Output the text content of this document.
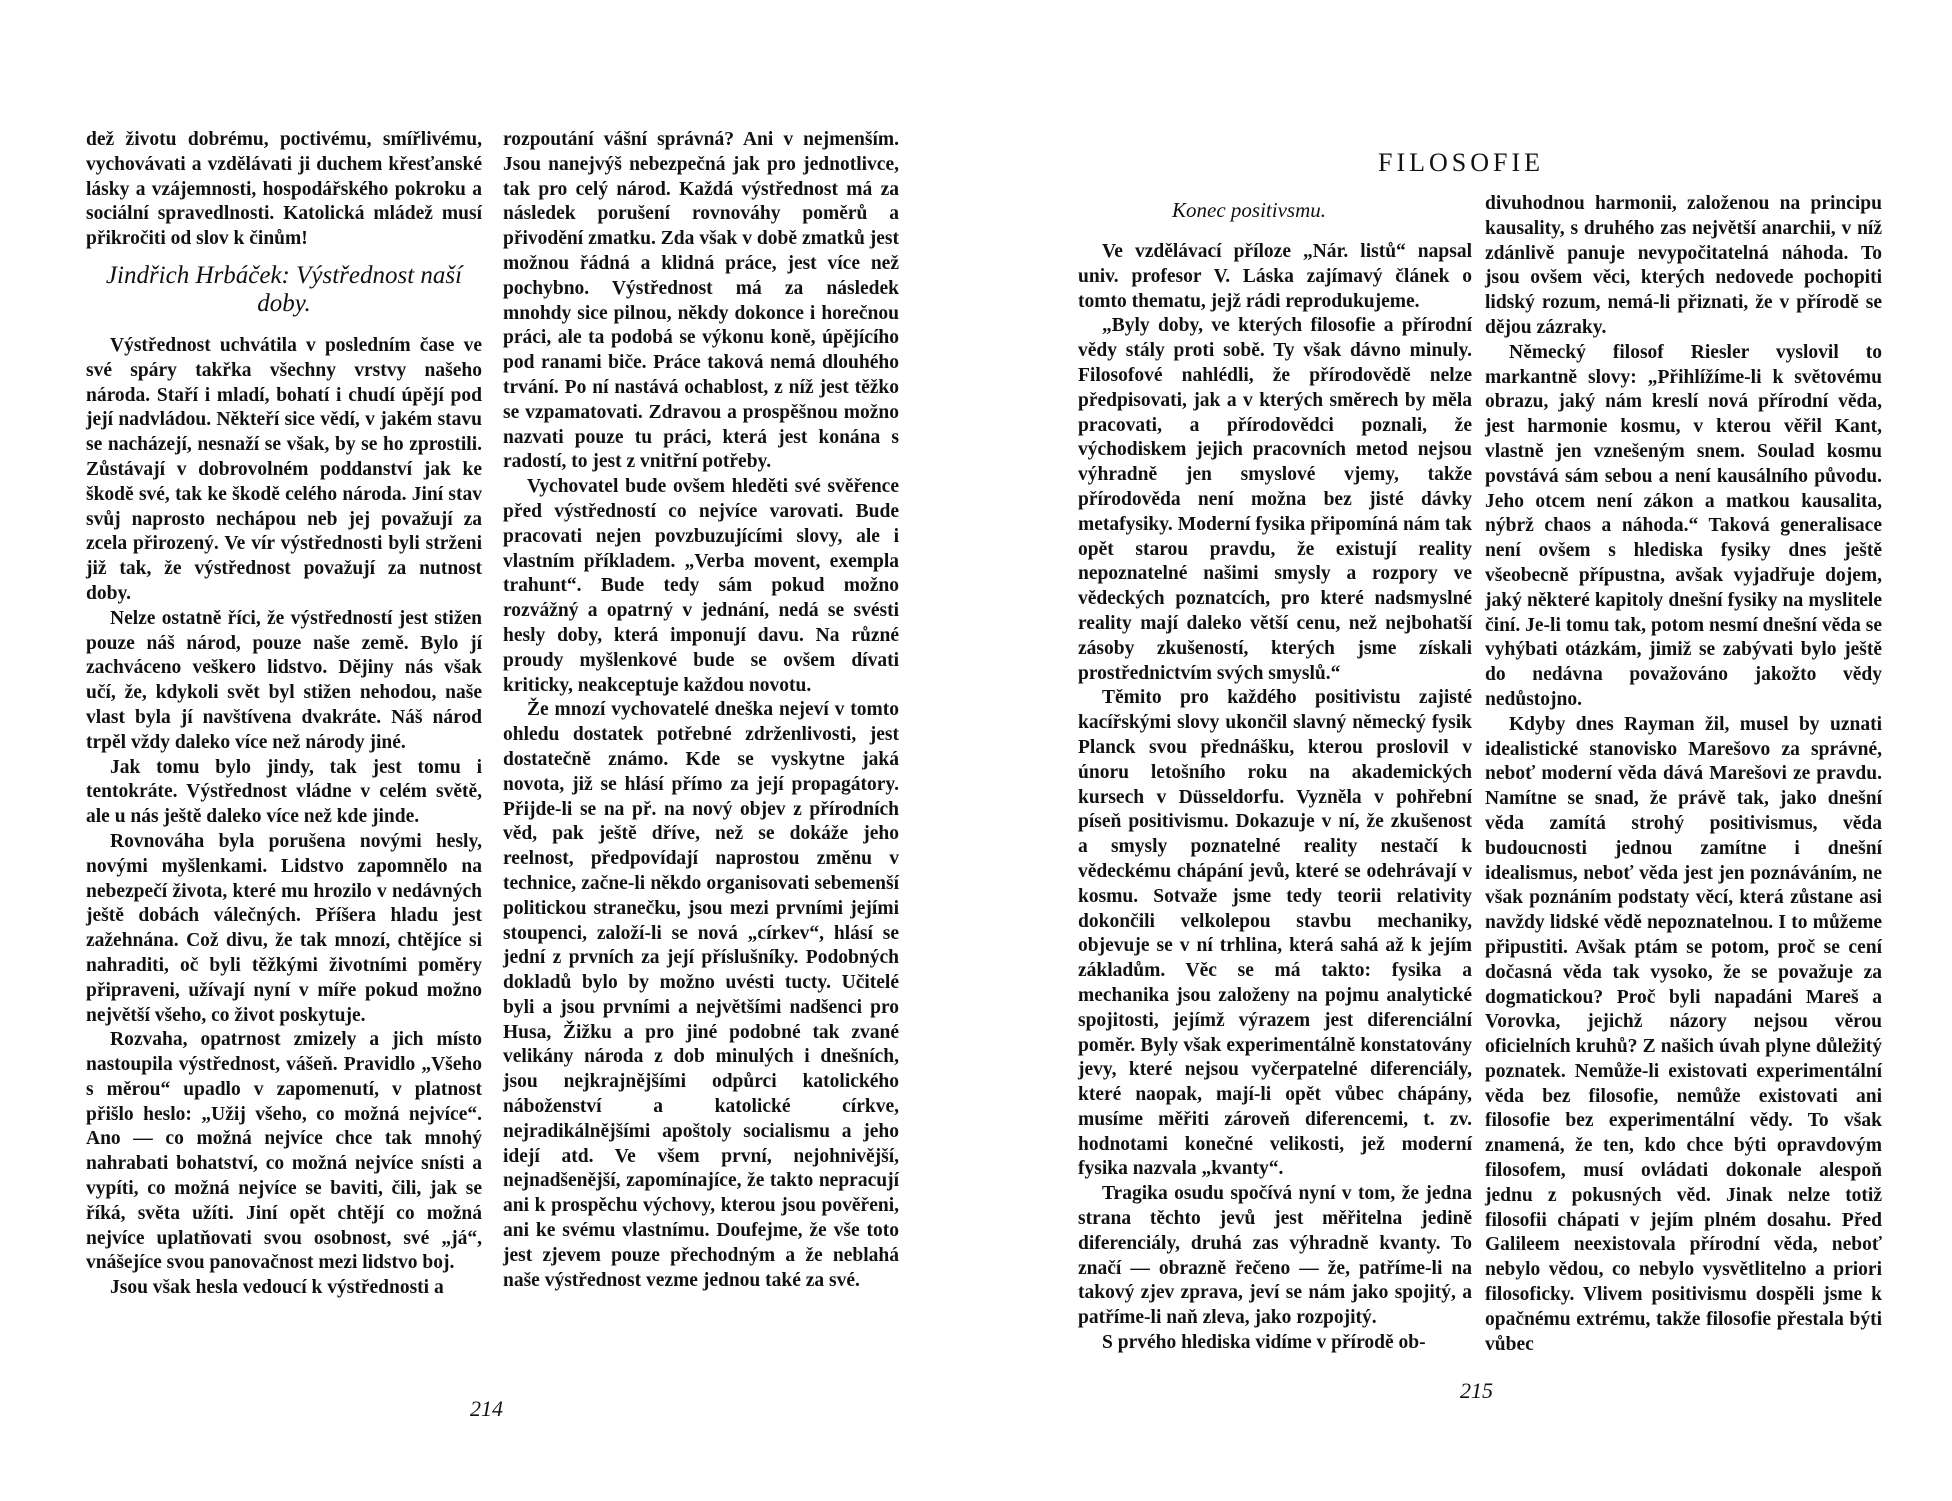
dež životu dobrému, poctivému, smířlivému, vychovávati a vzdělávati ji duchem křesťanské lásky a vzájemnosti, hospodářského pokroku a sociální spravedlnosti. Katolická mládež musí přikročiti od slov k činům!

Jindřich Hrbáček: Výstřednost naší doby.

Výstřednost uchvátila v posledním čase ve své spáry takřka všechny vrstvy našeho národa. Staří i mladí, bohatí i chudí úpějí pod její nadvládou. Někteří sice vědí, v jakém stavu se nacházejí, nesnaží se však, by se ho zprostili. Zůstávají v dobrovolném poddanství jak ke škodě své, tak ke škodě celého národa. Jiní stav svůj naprosto nechápou neb jej považují za zcela přirozený. Ve vír výstřednosti byli strženi již tak, že výstřednost považují za nutnost doby.

Nelze ostatně říci, že výstředností jest stižen pouze náš národ, pouze naše země. Bylo jí zachváceno veškero lidstvo. Dějiny nás však učí, že, kdykoli svět byl stižen nehodou, naše vlast byla jí navštívena dvakráte. Náš národ trpěl vždy daleko více než národy jiné.

Jak tomu bylo jindy, tak jest tomu i tentokráte. Výstřednost vládne v celém světě, ale u nás ještě daleko více než kde jinde.

Rovnováha byla porušena novými hesly, novými myšlenkami. Lidstvo zapomnělo na nebezpečí života, které mu hrozilo v nedávných ještě dobách válečných. Příšera hladu jest zažehnána. Což divu, že tak mnozí, chtějíce si nahraditi, oč byli těžkými životními poměry připraveni, užívají nyní v míře pokud možno největší všeho, co život poskytuje.

Rozvaha, opatrnost zmizely a jich místo nastoupila výstřednost, vášeň. Pravidlo „Všeho s měrou“ upadlo v zapomenutí, v platnost přišlo heslo: „Užij všeho, co možná nejvíce“. Ano — co možná nejvíce chce tak mnohý nahrabati bohatství, co možná nejvíce snísti a vypíti, co možná nejvíce se baviti, čili, jak se říká, světa užíti. Jiní opět chtějí co možná nejvíce uplatňovati svou osobnost, své „já“, vnášejíce svou panovačnost mezi lidstvo boj.

Jsou však hesla vedoucí k výstřednosti a

rozpoutání vášní správná? Ani v nejmenším. Jsou nanejvýš nebezpečná jak pro jednotlivce, tak pro celý národ. Každá výstřednost má za následek porušení rovnováhy poměrů a přivodění zmatku. Zda však v době zmatků jest možnou řádná a klidná práce, jest více než pochybno. Výstřednost má za následek mnohdy sice pilnou, někdy dokonce i horečnou práci, ale ta podobá se výkonu koně, úpějícího pod ranami biče. Práce taková nemá dlouhého trvání. Po ní nastává ochablost, z níž jest těžko se vzpamatovati. Zdravou a prospěšnou možno nazvati pouze tu práci, která jest konána s radostí, to jest z vnitřní potřeby.

Vychovatel bude ovšem hleděti své svěřence před výstředností co nejvíce varovati. Bude pracovati nejen povzbuzujícími slovy, ale i vlastním příkladem. „Verba movent, exempla trahunt“. Bude tedy sám pokud možno rozvážný a opatrný v jednání, nedá se svésti hesly doby, která imponují davu. Na různé proudy myšlenkové bude se ovšem dívati kriticky, neakceptuje každou novotu.

Že mnozí vychovatelé dneška nejeví v tomto ohledu dostatek potřebné zdrženlivosti, jest dostatečně známo. Kde se vyskytne jaká novota, již se hlásí přímo za její propagátory. Přijde-li se na př. na nový objev z přírodních věd, pak ještě dříve, než se dokáže jeho reelnost, předpovídají naprostou změnu v technice, začne-li někdo organisovati sebemenší politickou stranečku, jsou mezi prvními jejími stoupenci, založí-li se nová „církev“, hlásí se jední z prvních za její příslušníky. Podobných dokladů bylo by možno uvésti tucty. Učitelé byli a jsou prvními a největšími nadšenci pro Husa, Žižku a pro jiné podobné tak zvané velikány národa z dob minulých i dnešních, jsou nejkrajnějšími odpůrci katolického náboženství a katolické církve, nejradikálnějšími apoštoly socialismu a jeho idejí atd. Ve všem první, nejohnivější, nejnadšenější, zapomínajíce, že takto nepracují ani k prospěchu výchovy, kterou jsou pověřeni, ani ke svému vlastnímu. Doufejme, že vše toto jest zjevem pouze přechodným a že neblahá naše výstřednost vezme jednou také za své.

214
FILOSOFIE
Konec positivsmu.

Ve vzdělávací příloze „Nár. listů“ napsal univ. profesor V. Láska zajímavý článek o tomto thematu, jejž rádi reprodukujeme.

„Byly doby, ve kterých filosofie a přírodní vědy stály proti sobě. Ty však dávno minuly. Filosofové nahlédli, že přírodovědě nelze předpisovati, jak a v kterých směrech by měla pracovati, a přírodovědci poznali, že východiskem jejich pracovních metod nejsou výhradně jen smyslové vjemy, takže přírodověda není možna bez jisté dávky metafysiky. Moderní fysika připomíná nám tak opět starou pravdu, že existují reality nepoznatelné našimi smysly a rozpory ve vědeckých poznatcích, pro které nadsmyslné reality mají daleko větší cenu, než nejbohatší zásoby zkušeností, kterých jsme získali prostřednictvím svých smyslů.“

Těmito pro každého positivistu zajisté kacířskými slovy ukončil slavný německý fysik Planck svou přednášku, kterou proslovil v únoru letošního roku na akademických kursech v Düsseldorfu. Vyzněla v pohřební píseň positivismu. Dokazuje v ní, že zkušenost a smysly poznatelné reality nestačí k vědeckému chápání jevů, které se odehrávají v kosmu. Sotvaže jsme tedy teorii relativity dokončili velkolepou stavbu mechaniky, objevuje se v ní trhlina, která sahá až k jejím základům. Věc se má takto: fysika a mechanika jsou založeny na pojmu analytické spojitosti, jejímž výrazem jest diferenciální poměr. Byly však experimentálně konstatovány jevy, které nejsou vyčerpatelné diferenciály, které naopak, mají-li opět vůbec chápány, musíme měřiti zároveň diferencemi, t. zv. hodnotami konečné velikosti, jež moderní fysika nazvala „kvanty“.

Tragika osudu spočívá nyní v tom, že jedna strana těchto jevů jest měřitelna jedině diferenciály, druhá zas výhradně kvanty. To značí — obrazně řečeno — že, patříme-li na takový zjev zprava, jeví se nám jako spojitý, a patříme-li naň zleva, jako rozpojitý.

S prvého hlediska vidíme v přírodě ob-

divuhodnou harmonii, založenou na principu kausality, s druhého zas největší anarchii, v níž zdánlivě panuje nevypočitatelná náhoda. To jsou ovšem věci, kterých nedovede pochopiti lidský rozum, nemá-li přiznati, že v přírodě se dějou zázraky.

Německý filosof Riesler vyslovil to markantně slovy: „Přihlížíme-li k světovému obrazu, jaký nám kreslí nová přírodní věda, jest harmonie kosmu, v kterou věřil Kant, vlastně jen vznešeným snem. Soulad kosmu povstává sám sebou a není kausálního původu. Jeho otcem není zákon a matkou kausalita, nýbrž chaos a náhoda.“ Taková generalisace není ovšem s hlediska fysiky dnes ještě všeobecně přípustna, avšak vyjadřuje dojem, jaký některé kapitoly dnešní fysiky na myslitele činí. Je-li tomu tak, potom nesmí dnešní věda se vyhýbati otázkám, jimiž se zabývati bylo ještě do nedávna považováno jakožto vědy nedůstojno.

Kdyby dnes Rayman žil, musel by uznati idealistické stanovisko Marešovo za správné, neboť moderní věda dává Marešovi ze pravdu. Namítne se snad, že právě tak, jako dnešní věda zamítá strohý positivismus, věda budoucnosti jednou zamítne i dnešní idealismus, neboť věda jest jen poznáváním, ne však poznáním podstaty věcí, která zůstane asi navždy lidské vědě nepoznatelnou. I to můžeme připustiti. Avšak ptám se potom, proč se cení dočasná věda tak vysoko, že se považuje za dogmatickou? Proč byli napadáni Mareš a Vorovka, jejichž názory nejsou věrou oficielních kruhů? Z našich úvah plyne důležitý poznatek. Nemůže-li existovati experimentální věda bez filosofie, nemůže existovati ani filosofie bez experimentální vědy. To však znamená, že ten, kdo chce býti opravdovým filosofem, musí ovládati dokonale alespoň jednu z pokusných věd. Jinak nelze totiž filosofii chápati v jejím plném dosahu. Před Galileem neexistovala přírodní věda, neboť nebylo vědou, co nebylo vysvětlitelno a priori filosoficky. Vlivem positivismu dospěli jsme k opačnému extrému, takže filosofie přestala býti vůbec

215
